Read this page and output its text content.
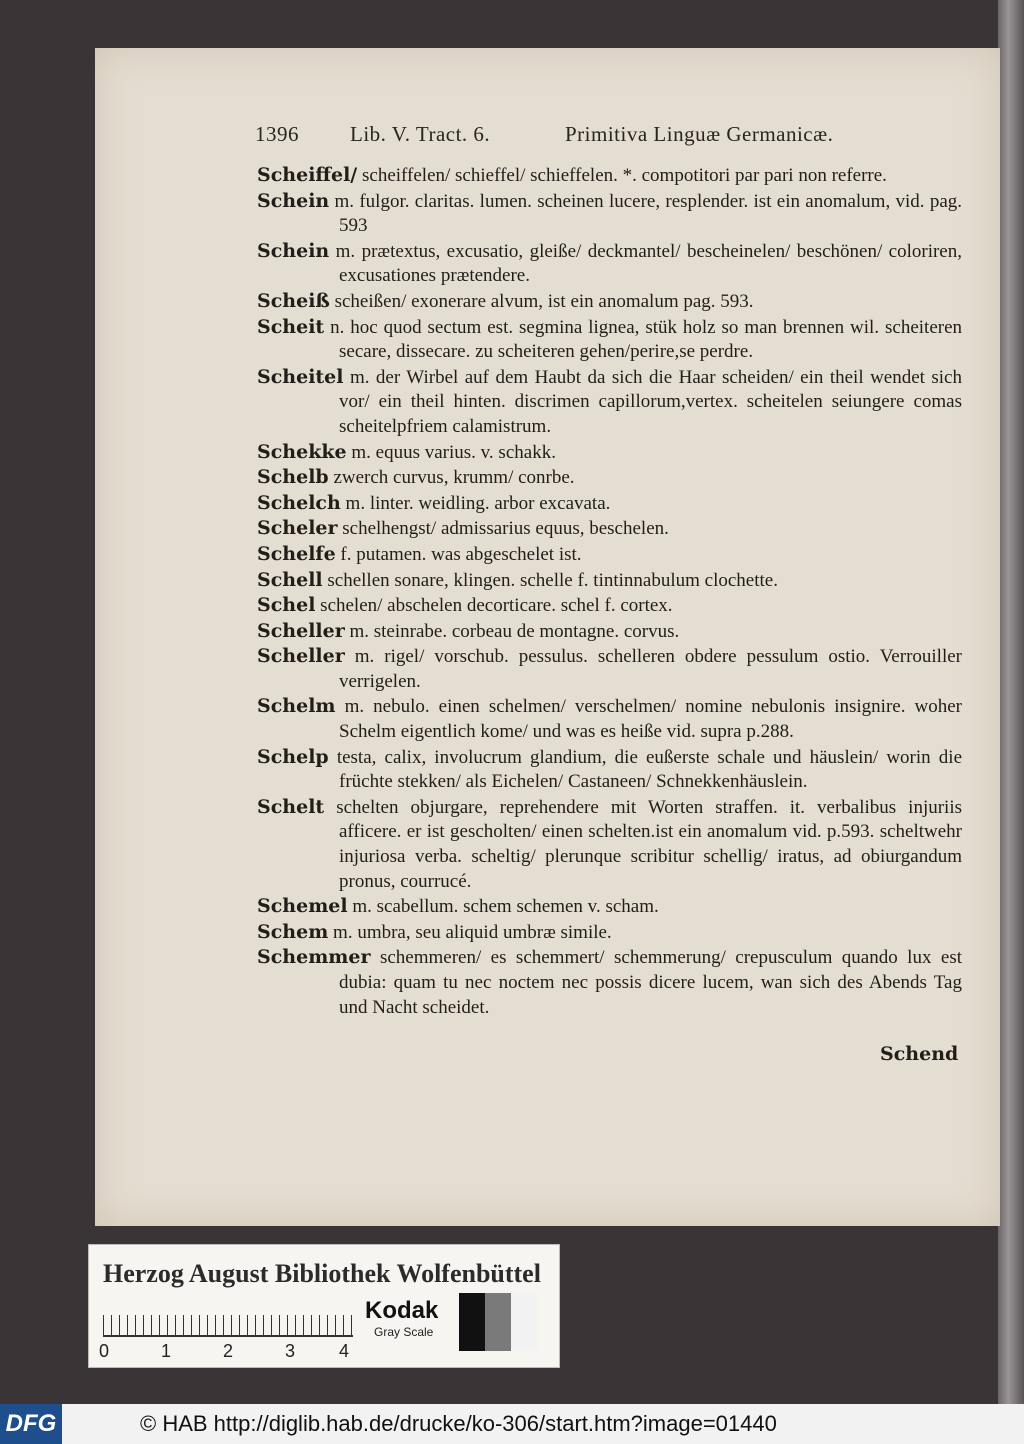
1396 Lib. V. Tract. 6.	Primitiva Linguæ Germanicæ.

Scheiffel/ scheiffelen/ schieffel/ schieffelen. *. compotitori par pari non referre.

Schein m. fulgor. claritas. lumen. scheinen lucere, resplender. ist ein anomalum, vid. pag. 593

Schein m. prætextus, excusatio, gleiße/ deckmantel/ bescheinelen/ beschönen/ coloriren, excusationes prætendere.

Scheiß scheißen/ exonerare alvum, ist ein anomalum pag. 593.

Scheit n. hoc quod sectum est. segmina lignea, stük holz so man brennen wil. scheiteren secare, dissecare. zu scheiteren gehen/perire,se perdre.

Scheitel m. der Wirbel auf dem Haubt da sich die Haar scheiden/ ein theil wendet sich vor/ ein theil hinten. discrimen capillorum,vertex. scheitelen seiungere comas scheitelpfriem calamistrum.

Schekke m. equus varius. v. schakk.

Schelb zwerch curvus, krumm/ conrbe.

Schelch m. linter. weidling. arbor excavata.

Scheler schelhengst/ admissarius equus, beschelen.

Schelfe f. putamen. was abgeschelet ist.

Schell schellen sonare, klingen. schelle f. tintinnabulum clochette.

Schel schelen/ abschelen decorticare. schel f. cortex.

Scheller m. steinrabe. corbeau de montagne. corvus.

Scheller m. rigel/ vorschub. pessulus. schelleren obdere pessulum ostio. Verrouiller verrigelen.

Schelm m. nebulo. einen schelmen/ verschelmen/ nomine nebulonis insignire. woher Schelm eigentlich kome/ und was es heiße vid. supra p.288.

Schelp testa, calix, involucrum glandium, die eußerste schale und häuslein/ worin die früchte stekken/ als Eichelen/ Castaneen/ Schnekkenhäuslein.

Schelt schelten objurgare, reprehendere mit Worten straffen. it. verbalibus injuriis afficere. er ist gescholten/ einen schelten.ist ein anomalum vid. p.593. scheltwehr injuriosa verba. scheltig/ plerunque scribitur schellig/ iratus, ad obiurgandum pronus, courrucé.

Schemel m. scabellum. schem schemen v. scham.

Schem m. umbra, seu aliquid umbræ simile.

Schemmer schemmeren/ es schemmert/ schemmerung/ crepusculum quando lux est dubia: quam tu nec noctem nec possis dicere lucem, wan sich des Abends Tag und Nacht scheidet.

Schend
Herzog August Bibliothek Wolfenbüttel
0	1	2	3 4
Kodak
Gray Scale
DFG	© HAB http://diglib.hab.de/drucke/ko-306/start.htm?image=01440
